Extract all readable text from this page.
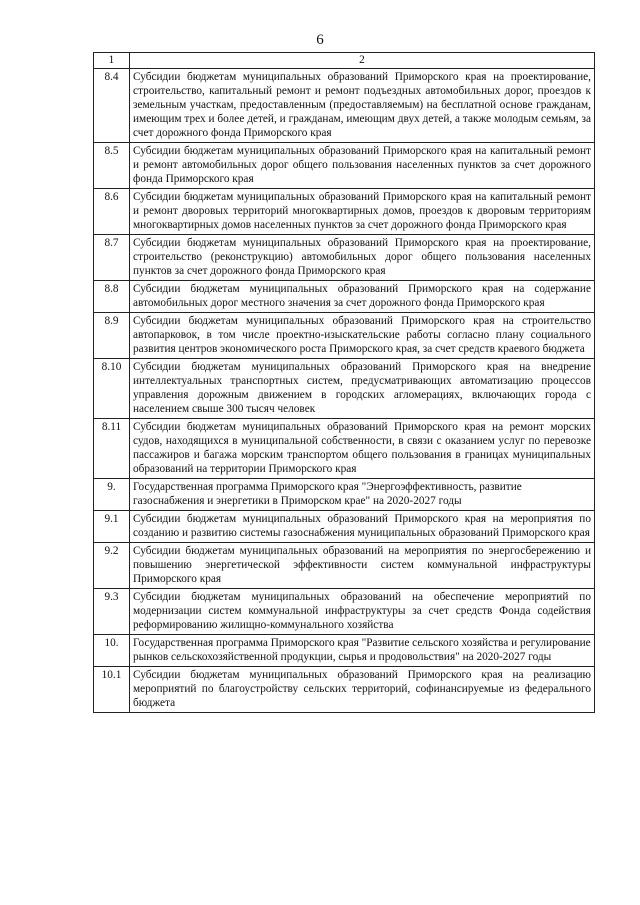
6
1	2
8.4	Субсидии бюджетам муниципальных образований Приморского края на проектирование, строительство, капитальный ремонт и ремонт подъездных автомобильных дорог, проездов к земельным участкам, предоставленным (предоставляемым) на бесплатной основе гражданам, имеющим трех и более детей, и гражданам, имеющим двух детей, а также молодым семьям, за счет дорожного фонда Приморского края
8.5	Субсидии бюджетам муниципальных образований Приморского края на капитальный ремонт и ремонт автомобильных дорог общего пользования населенных пунктов за счет дорожного фонда Приморского края
8.6	Субсидии бюджетам муниципальных образований Приморского края на капитальный ремонт и ремонт дворовых территорий многоквартирных домов, проездов к дворовым территориям многоквартирных домов населенных пунктов за счет дорожного фонда Приморского края
8.7	Субсидии бюджетам муниципальных образований Приморского края на проектирование, строительство (реконструкцию) автомобильных дорог общего пользования населенных пунктов за счет дорожного фонда Приморского края
8.8	Субсидии бюджетам муниципальных образований Приморского края на содержание автомобильных дорог местного значения за счет дорожного фонда Приморского края
8.9	Субсидии бюджетам муниципальных образований Приморского края на строительство автопарковок, в том числе проектно-изыскательские работы согласно плану социального развития центров экономического роста Приморского края, за счет средств краевого бюджета
8.10	Субсидии бюджетам муниципальных образований Приморского края на внедрение интеллектуальных транспортных систем, предусматривающих автоматизацию процессов управления дорожным движением в городских агломерациях, включающих города с населением свыше 300 тысяч человек
8.11	Субсидии бюджетам муниципальных образований Приморского края на ремонт морских судов, находящихся в муниципальной собственности, в связи с оказанием услуг по перевозке пассажиров и багажа морским транспортом общего пользования в границах муниципальных образований на территории Приморского края
9.	Государственная программа Приморского края "Энергоэффективность, развитие газоснабжения и энергетики в Приморском крае" на 2020-2027 годы
9.1	Субсидии бюджетам муниципальных образований Приморского края на мероприятия по созданию и развитию системы газоснабжения муниципальных образований Приморского края
9.2	Субсидии бюджетам муниципальных образований на мероприятия по энергосбережению и повышению энергетической эффективности систем коммунальной инфраструктуры Приморского края
9.3	Субсидии бюджетам муниципальных образований на обеспечение мероприятий по модернизации систем коммунальной инфраструктуры за счет средств Фонда содействия реформированию жилищно-коммунального хозяйства
10.	Государственная программа Приморского края "Развитие сельского хозяйства и регулирование рынков сельскохозяйственной продукции, сырья и продовольствия" на 2020-2027 годы
10.1	Субсидии бюджетам муниципальных образований Приморского края на реализацию мероприятий по благоустройству сельских территорий, софинансируемые из федерального бюджета
